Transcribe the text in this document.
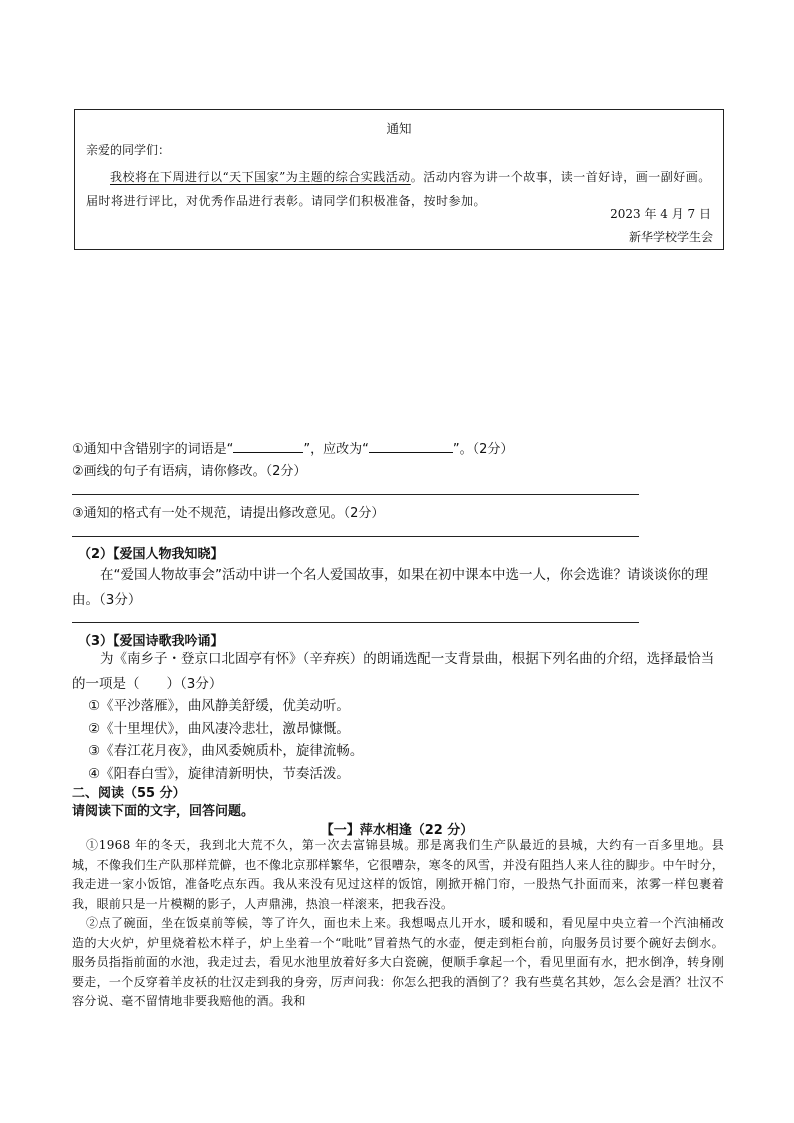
通知
亲爱的同学们：
我校将在下周进行以“天下国家”为主题的综合实践活动。活动内容为讲一个故事，读一首好诗，画一副好画。届时将进行评比，对优秀作品进行表彰。请同学们积极准备，按时参加。
2023 年 4 月 7 日
新华学校学生会
①通知中含错别字的词语是“	”，应改为“	”。（2分）
②画线的句子有语病，请你修改。（2分）
③通知的格式有一处不规范，请提出修改意见。（2分）
（2）【爱国人物我知晓】
在“爱国人物故事会”活动中讲一个名人爱国故事，如果在初中课本中选一人，你会选谁？请谈谈你的理由。（3分）
（3）【爱国诗歌我吟诵】
为《南乡子・登京口北固亭有怀》（辛弃疾）的朗诵选配一支背景曲，根据下列名曲的介绍，选择最恰当的一项是（　　）（3分）
①《平沙落雁》，曲风静美舒缓，优美动听。
②《十里埋伏》，曲风凄冷悲壮，激昂慷慨。
③《春江花月夜》，曲风委婉质朴，旋律流畅。
④《阳春白雪》，旋律清新明快，节奏活泼。
二、阅读（55 分）
请阅读下面的文字，回答问题。
【一】萍水相逢（22 分）
①1968 年的冬天，我到北大荒不久，第一次去富锦县城。那是离我们生产队最近的县城，大约有一百多里地。县城，不像我们生产队那样荒僻，也不像北京那样繁华，它很嘈杂，寒冬的风雪，并没有阻挡人来人往的脚步。中午时分，我走进一家小饭馆，准备吃点东西。我从来没有见过这样的饭馆，刚掀开棉门帘，一股热气扑面而来，浓雾一样包裹着我，眼前只是一片模糊的影子，人声鼎沸，热浪一样滚来，把我吞没。
②点了碗面，坐在饭桌前等候，等了许久，面也未上来。我想喝点儿开水，暖和暖和，看见屋中央立着一个汽油桶改造的大火炉，炉里烧着松木样子，炉上坐着一个“吡吡”冒着热气的水壶，便走到柜台前，向服务员讨要个碗好去倒水。服务员指指前面的水池，我走过去，看见水池里放着好多大白瓷碗，便顺手拿起一个，看见里面有水，把水倒净，转身刚要走，一个反穿着羊皮袄的壮汉走到我的身旁，厉声问我：你怎么把我的酒倒了？我有些莫名其妙，怎么会是酒？壮汉不容分说、毫不留情地非要我赔他的酒。我和
